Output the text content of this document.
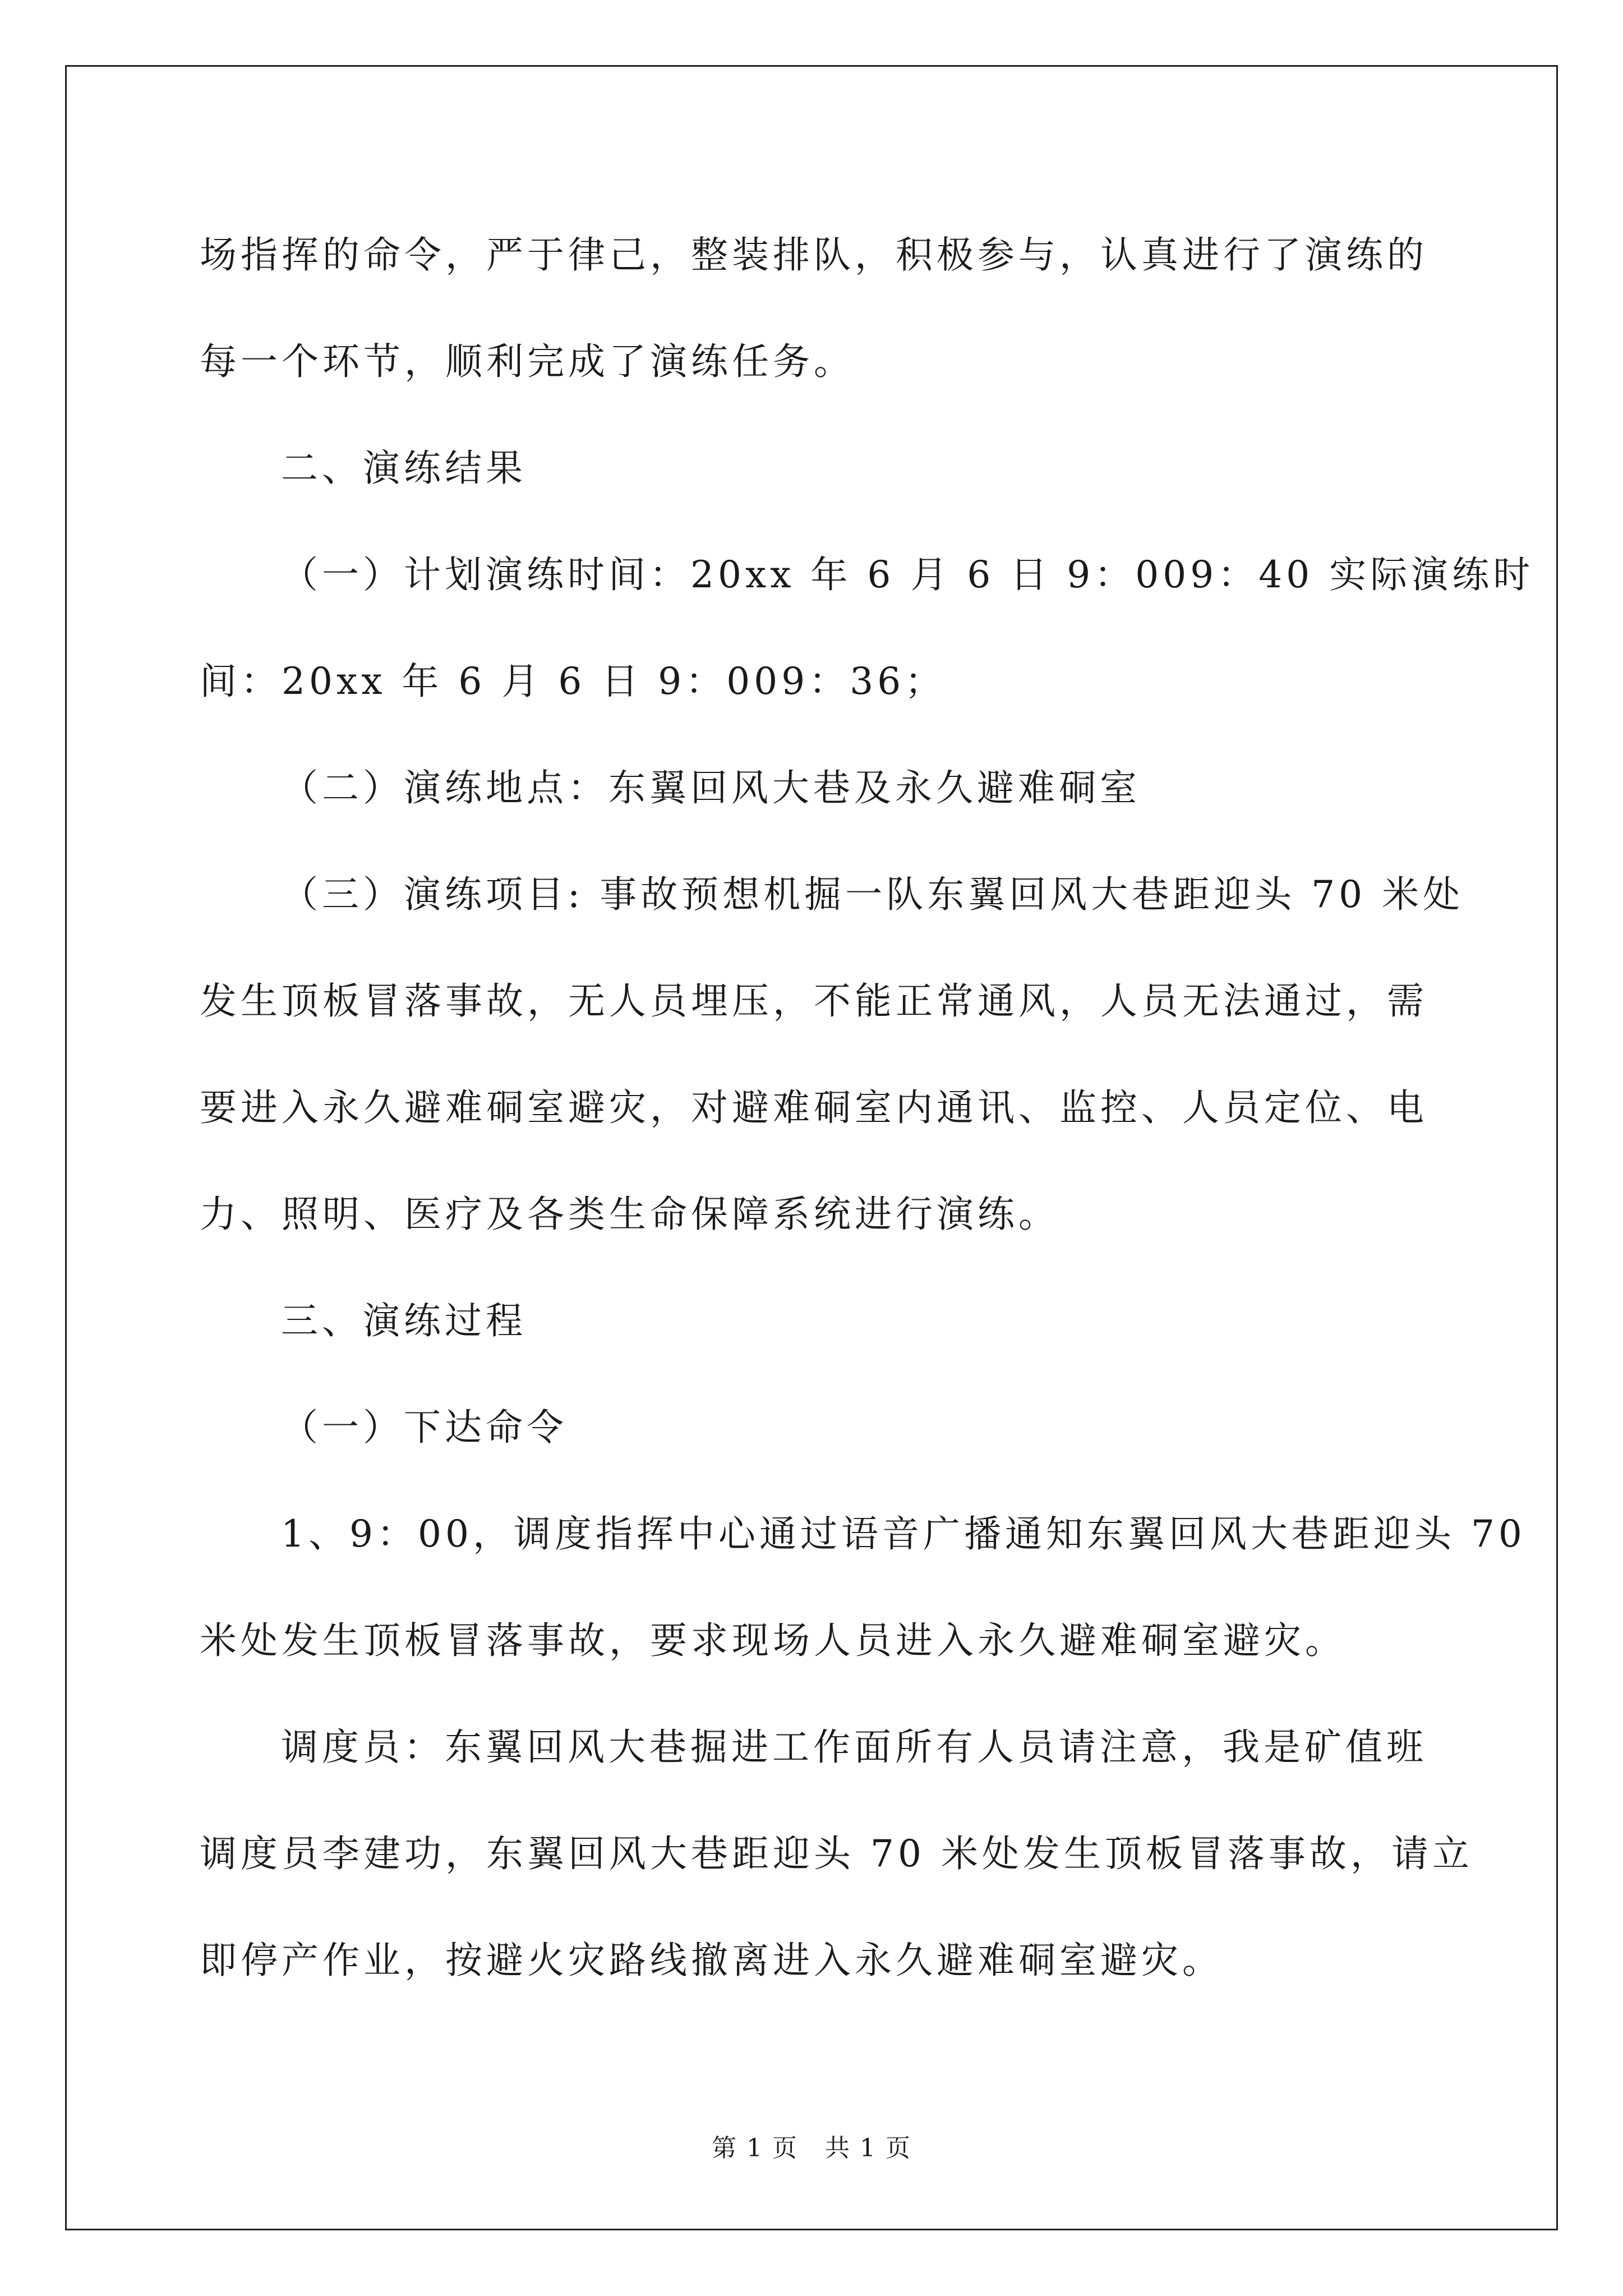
场指挥的命令，严于律己，整装排队，积极参与，认真进行了演练的

每一个环节，顺利完成了演练任务。

二、演练结果

（一）计划演练时间：20xx 年 6 月 6 日 9：009：40 实际演练时

间：20xx 年 6 月 6 日 9：009：36；

（二）演练地点：东翼回风大巷及永久避难硐室

（三）演练项目: 事故预想机掘一队东翼回风大巷距迎头 70 米处

发生顶板冒落事故，无人员埋压，不能正常通风，人员无法通过，需

要进入永久避难硐室避灾，对避难硐室内通讯、监控、人员定位、电

力、照明、医疗及各类生命保障系统进行演练。

三、演练过程

（一）下达命令

1、9：00，调度指挥中心通过语音广播通知东翼回风大巷距迎头 70

米处发生顶板冒落事故，要求现场人员进入永久避难硐室避灾。

调度员：东翼回风大巷掘进工作面所有人员请注意，我是矿值班

调度员李建功，东翼回风大巷距迎头 70 米处发生顶板冒落事故，请立

即停产作业，按避火灾路线撤离进入永久避难硐室避灾。

第 1 页 共 1 页
